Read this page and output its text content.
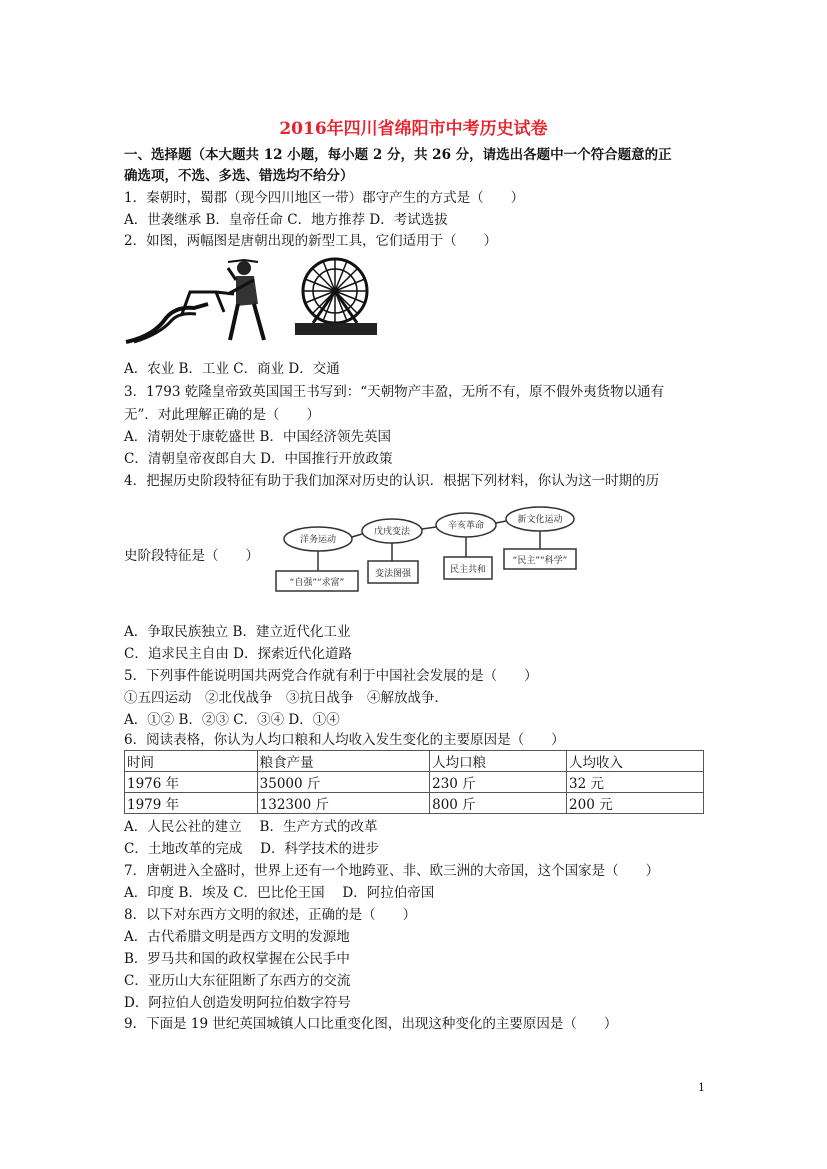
2016年四川省绵阳市中考历史试卷
一、选择题（本大题共 12 小题，每小题 2 分，共 26 分，请选出各题中一个符合题意的正
确选项，不选、多选、错选均不给分）
1．秦朝时，蜀郡（现今四川地区一带）郡守产生的方式是（　　）
A．世袭继承 B．皇帝任命 C．地方推荐 D．考试选拔
2．如图，两幅图是唐朝出现的新型工具，它们适用于（　　）
A．农业 B．工业 C．商业 D．交通
3．1793 乾隆皇帝致英国国王书写到：“天朝物产丰盈，无所不有，原不假外夷货物以通有
无”．对此理解正确的是（　　）
A．清朝处于康乾盛世 B．中国经济领先英国
C．清朝皇帝夜郎自大 D．中国推行开放政策
4．把握历史阶段特征有助于我们加深对历史的认识．根据下列材料，你认为这一时期的历
史阶段特征是（　　）
洋务运动
戊戌变法
辛亥革命
新文化运动
“自强”“求富”
变法图强	民主共和
“民主”“科学”
A．争取民族独立 B．建立近代化工业
C．追求民主自由 D．探索近代化道路
5．下列事件能说明国共两党合作就有利于中国社会发展的是（　　）
①五四运动　②北伐战争　③抗日战争　④解放战争．
A．①② B．②③ C．③④ D．①④
6．阅读表格，你认为人均口粮和人均收入发生变化的主要原因是（　　）
时间	粮食产量	人均口粮	人均收入
1976 年	35000 斤	230 斤	32 元
1979 年	132300 斤	800 斤	200 元
A．人民公社的建立　 B．生产方式的改革
C．土地改革的完成　 D．科学技术的进步
7．唐朝进入全盛时，世界上还有一个地跨亚、非、欧三洲的大帝国，这个国家是（　　）
A．印度 B．埃及 C．巴比伦王国　 D．阿拉伯帝国
8．以下对东西方文明的叙述，正确的是（　　）
A．古代希腊文明是西方文明的发源地
B．罗马共和国的政权掌握在公民手中
C．亚历山大东征阻断了东西方的交流
D．阿拉伯人创造发明阿拉伯数字符号
9．下面是 19 世纪英国城镇人口比重变化图，出现这种变化的主要原因是（　　）
1
